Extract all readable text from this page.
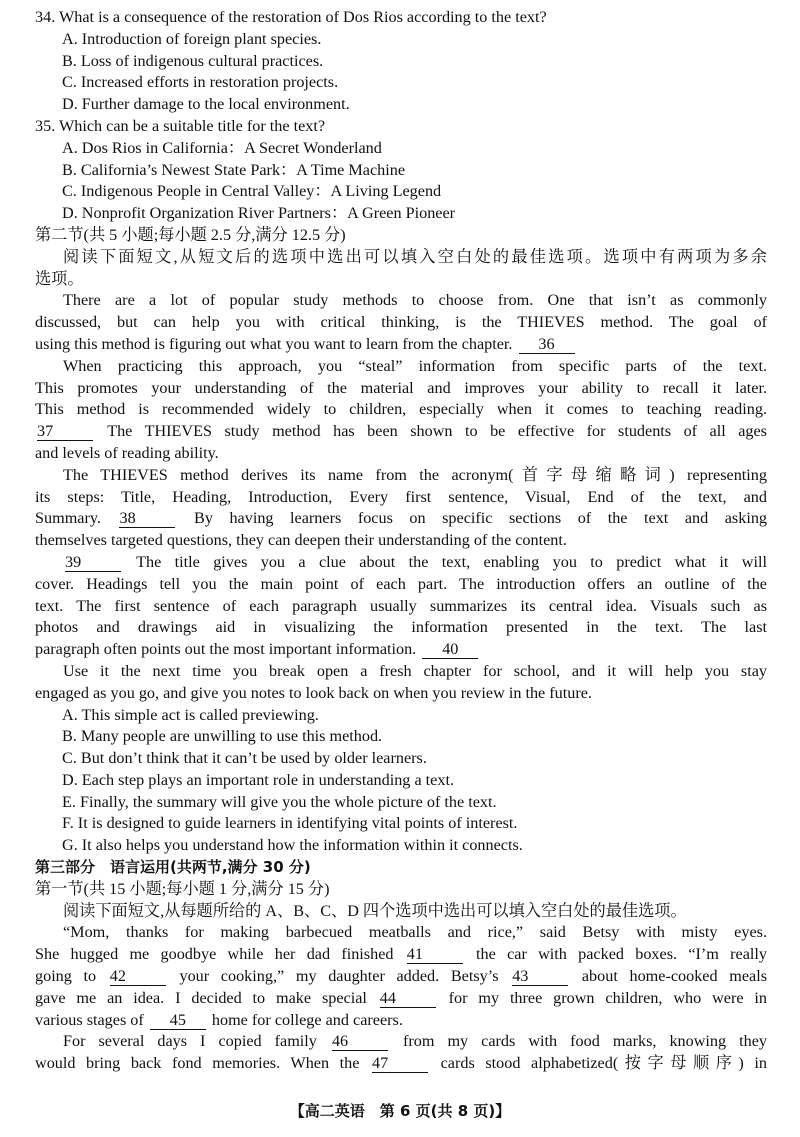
34. What is a consequence of the restoration of Dos Rios according to the text?
A. Introduction of foreign plant species.
B. Loss of indigenous cultural practices.
C. Increased efforts in restoration projects.
D. Further damage to the local environment.
35. Which can be a suitable title for the text?
A. Dos Rios in California：A Secret Wonderland
B. California’s Newest State Park：A Time Machine
C. Indigenous People in Central Valley：A Living Legend
D. Nonprofit Organization River Partners：A Green Pioneer
第二节(共 5 小题;每小题 2.5 分,满分 12.5 分)
阅读下面短文,从短文后的选项中选出可以填入空白处的最佳选项。选项中有两项为多余
选项。
There are a lot of popular study methods to choose from. One that isn’t as commonly
discussed, but can help you with critical thinking, is the THIEVES method. The goal of
using this method is figuring out what you want to learn from the chapter. 36
When practicing this approach, you “steal” information from specific parts of the text.
This promotes your understanding of the material and improves your ability to recall it later.
This method is recommended widely to children, especially when it comes to teaching reading.
37	The THIEVES study method has been shown to be effective for students of all ages
and levels of reading ability.
The THIEVES method derives its name from the acronym(首字母缩略词) representing
its steps: Title, Heading, Introduction, Every first sentence, Visual, End of the text, and
Summary. 38	By having learners focus on specific sections of the text and asking
themselves targeted questions, they can deepen their understanding of the content.
39	The title gives you a clue about the text, enabling you to predict what it will
cover. Headings tell you the main point of each part. The introduction offers an outline of the
text. The first sentence of each paragraph usually summarizes its central idea. Visuals such as
photos and drawings aid in visualizing the information presented in the text. The last
paragraph often points out the most important information. 40
Use it the next time you break open a fresh chapter for school, and it will help you stay
engaged as you go, and give you notes to look back on when you review in the future.
A. This simple act is called previewing.
B. Many people are unwilling to use this method.
C. But don’t think that it can’t be used by older learners.
D. Each step plays an important role in understanding a text.
E. Finally, the summary will give you the whole picture of the text.
F. It is designed to guide learners in identifying vital points of interest.
G. It also helps you understand how the information within it connects.
第三部分　语言运用(共两节,满分 30 分)
第一节(共 15 小题;每小题 1 分,满分 15 分)
阅读下面短文,从每题所给的 A、B、C、D 四个选项中选出可以填入空白处的最佳选项。
“Mom, thanks for making barbecued meatballs and rice,” said Betsy with misty eyes.
She hugged me goodbye while her dad finished 41	the car with packed boxes. “I’m really
going to 42	your cooking,” my daughter added. Betsy’s 43	about home-cooked meals
gave me an idea. I decided to make special 44	for my three grown children, who were in
various stages of 45 home for college and careers.
For several days I copied family 46	from my cards with food marks, knowing they
would bring back fond memories. When the 47	cards stood alphabetized(按字母顺序) in
【高二英语　第 6 页(共 8 页)】
